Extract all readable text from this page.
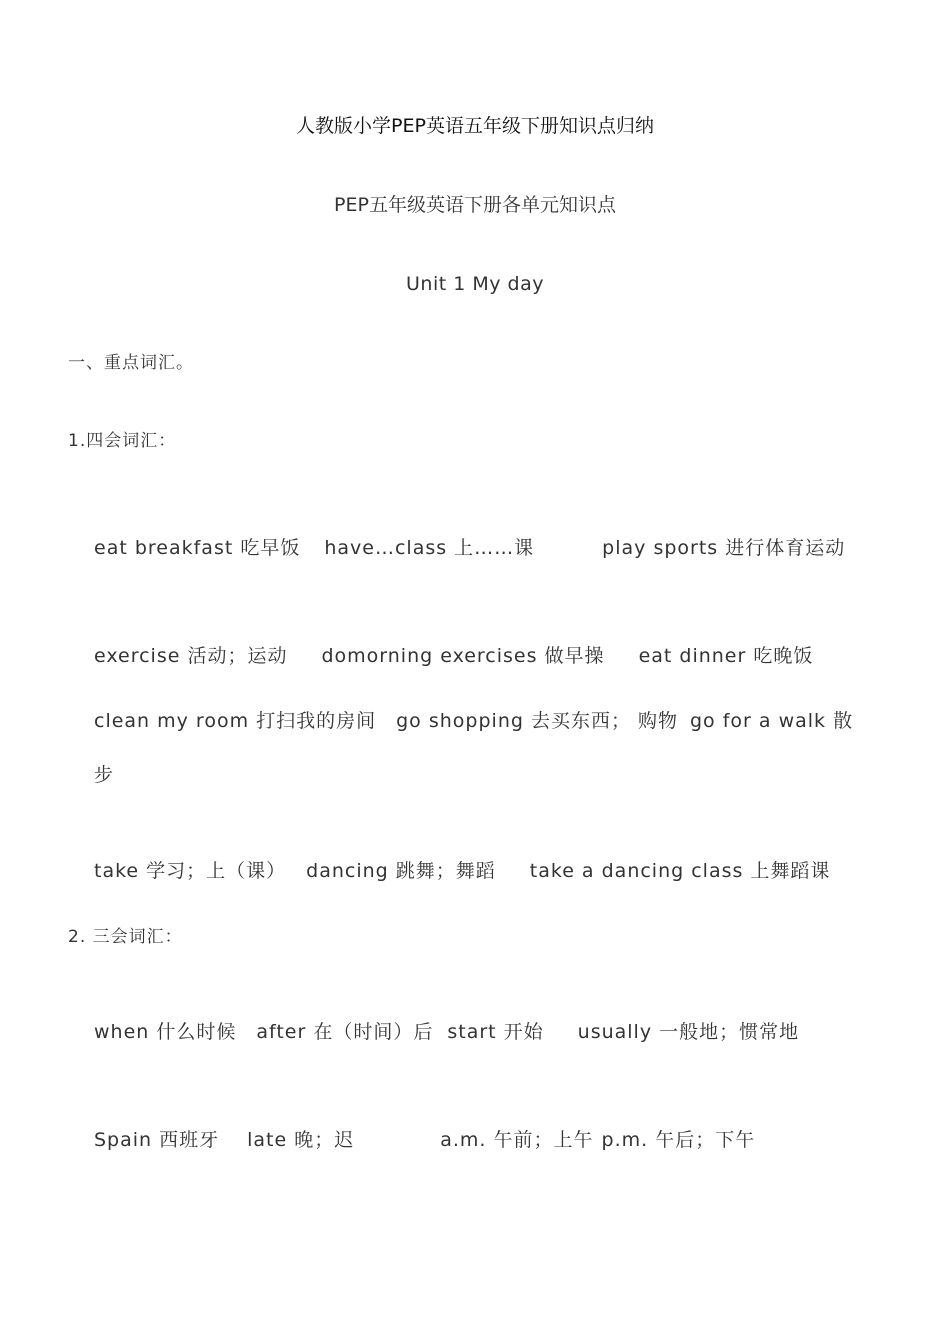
人教版小学PEP英语五年级下册知识点归纳
PEP五年级英语下册各单元知识点
Unit 1 My day

一、重点词汇。

1.四会词汇：

eat breakfast 吃早饭 have…class 上……课	play sports 进行体育运动
exercise 活动；运动 domorning exercises 做早操 eat dinner 吃晚饭
clean my room 打扫我的房间 go shopping 去买东西； 购物 go for a walk 散
步
take 学习；上（课） dancing 跳舞；舞蹈 take a dancing class 上舞蹈课

2. 三会词汇：

when 什么时候 after 在（时间）后 start 开始 usually 一般地；惯常地
Spain 西班牙 late 晚；迟	a.m. 午前；上午 p.m. 午后；下午
